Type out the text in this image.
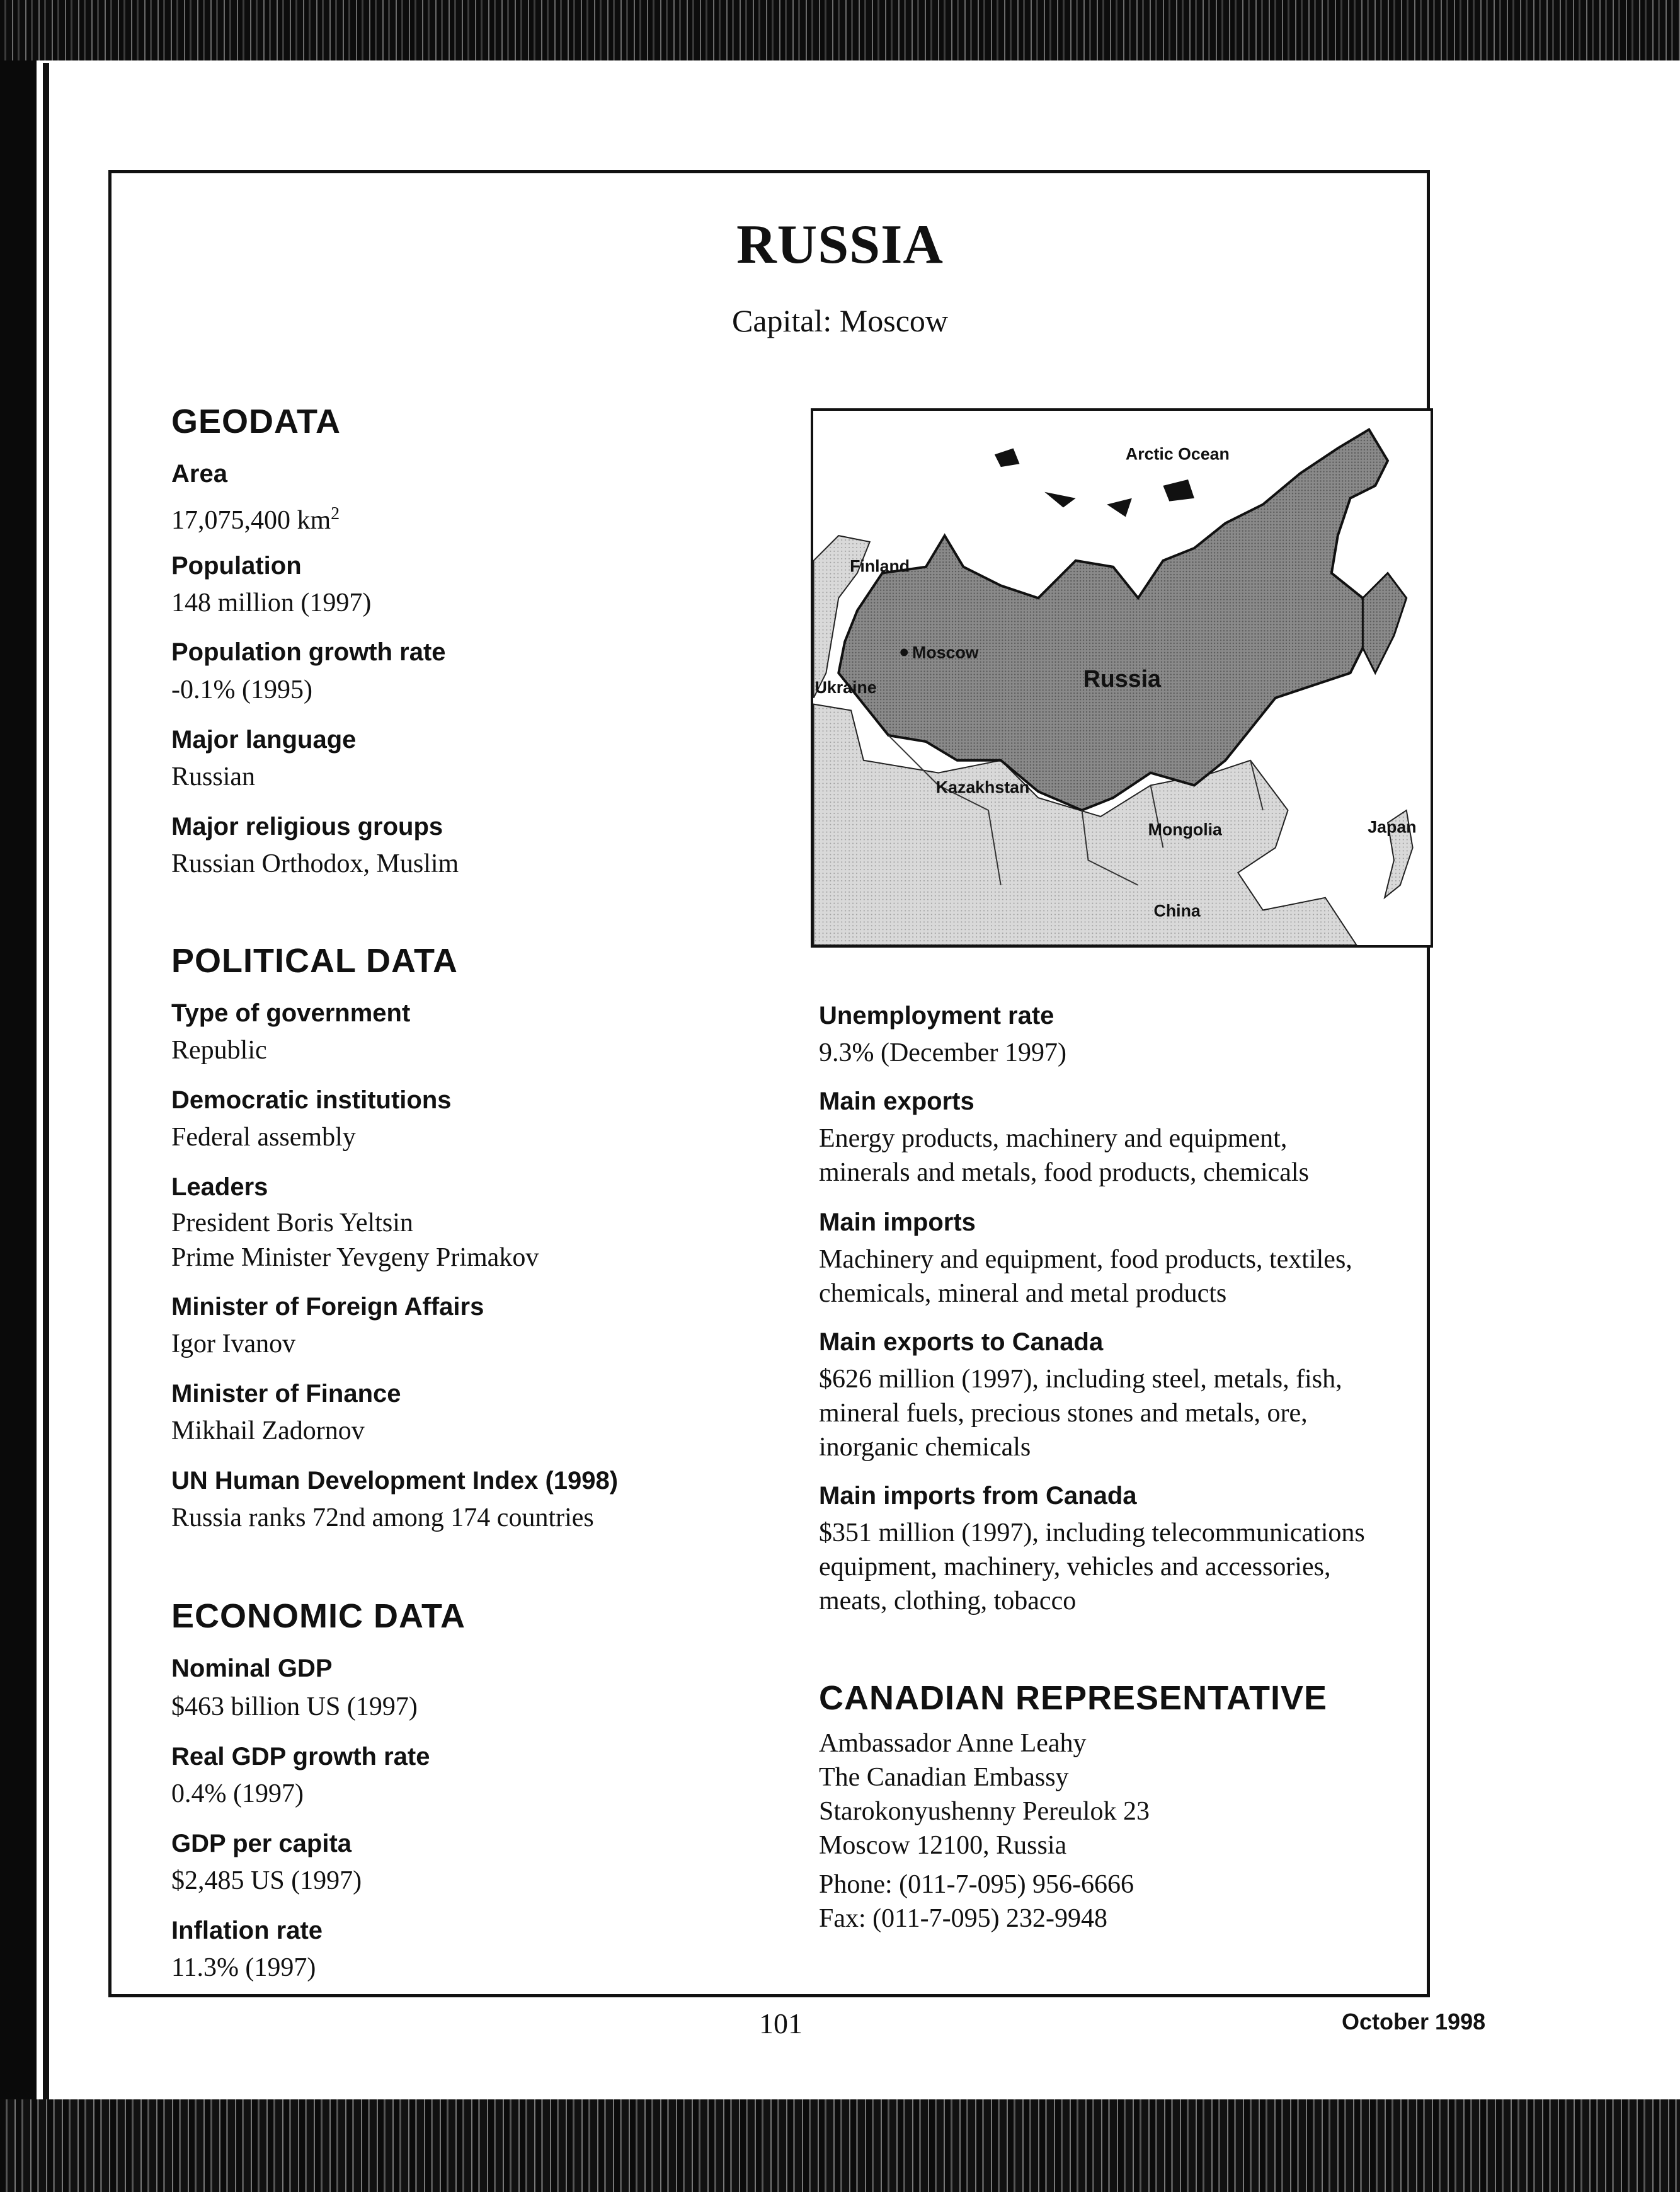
RUSSIA
Capital: Moscow
GEODATA
Area
17,075,400 $km^2$
Population
148 million (1997)
Population growth rate
-0.1% (1995)
Major language
Russian
Major religious groups
Russian Orthodox, Muslim
POLITICAL DATA
Type of government
Republic
Democratic institutions
Federal assembly
Leaders
President Boris Yeltsin
Prime Minister Yevgeny Primakov
Minister of Foreign Affairs
Igor Ivanov
Minister of Finance
Mikhail Zadornov
UN Human Development Index (1998)
Russia ranks 72nd among 174 countries
ECONOMIC DATA
Nominal GDP
$463 billion US (1997)
Real GDP growth rate
0.4% (1997)
GDP per capita
$2,485 US (1997)
Inflation rate
11.3% (1997)
Arctic Ocean
Finland
Moscow
Ukraine	Russia
Kazakhstan
Mongolia	Japan
China
Unemployment rate
9.3% (December 1997)
Main exports
Energy products, machinery and equipment,
minerals and metals, food products, chemicals
Main imports
Machinery and equipment, food products, textiles,
chemicals, mineral and metal products
Main exports to Canada
$626 million (1997), including steel, metals, fish,
mineral fuels, precious stones and metals, ore,
inorganic chemicals
Main imports from Canada
$351 million (1997), including telecommunications
equipment, machinery, vehicles and accessories,
meats, clothing, tobacco
CANADIAN REPRESENTATIVE
Ambassador Anne Leahy
The Canadian Embassy
Starokonyushenny Pereulok 23
Moscow 12100, Russia
Phone: (011-7-095) 956-6666
Fax: (011-7-095) 232-9948
101	October 1998
